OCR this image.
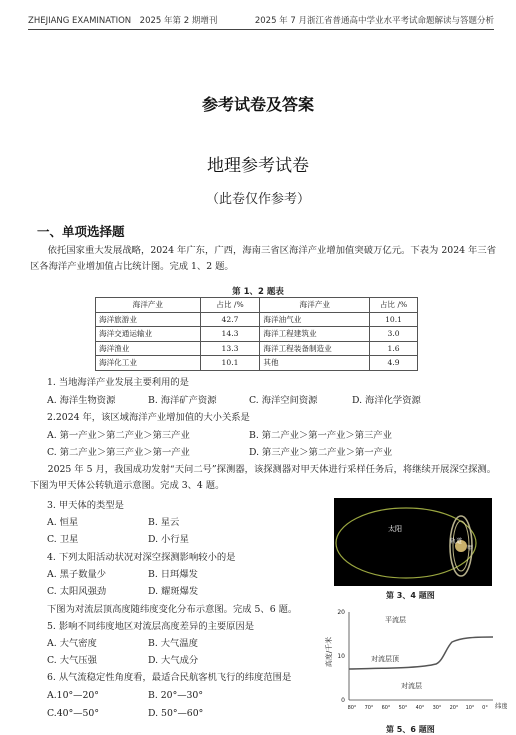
ZHEJIANG EXAMINATION　2025 年第 2 期增刊	2025 年 7 月浙江省普通高中学业水平考试命题解读与答题分析
参考试卷及答案
地理参考试卷
（此卷仅作参考）
一、单项选择题
依托国家重大发展战略，2024 年广东，广西，海南三省区海洋产业增加值突破万亿元。下表为 2024 年三省区各海洋产业增加值占比统计图。完成 1、2 题。
第 1、2 题表
海洋产业	占比 /%	海洋产业	占比 /%
海洋旅游业	42.7	海洋油气业	10.1
海洋交通运输业	14.3	海洋工程建筑业	3.0
海洋渔业	13.3	海洋工程装备制造业	1.6
海洋化工业	10.1	其他	4.9
1. 当地海洋产业发展主要利用的是
A. 海洋生物资源	B. 海洋矿产资源	C. 海洋空间资源	D. 海洋化学资源
2.2024 年，该区域海洋产业增加值的大小关系是
A. 第一产业＞第二产业＞第三产业	B. 第二产业＞第一产业＞第三产业
C. 第二产业＞第三产业＞第一产业	D. 第三产业＞第二产业＞第一产业
2025 年 5 月，我国成功发射“天问二号”探测器，该探测器对甲天体进行采样任务后，将继续开展深空探测。下图为甲天体公转轨道示意图。完成 3、4 题。
3. 甲天体的类型是
A. 恒星	B. 星云
C. 卫星	D. 小行星
4. 下列太阳活动状况对深空探测影响较小的是
A. 黑子数量少	B. 日珥爆发
C. 太阳风强劲	D. 耀斑爆发
下图为对流层顶高度随纬度变化分布示意图。完成 5、6 题。
5. 影响不同纬度地区对流层高度差异的主要原因是
A. 大气密度	B. 大气温度
C. 大气压强	D. 大气成分
6. 从气流稳定性角度看，最适合民航客机飞行的纬度范围是
A.10°—20°	B. 20°—30°
C.40°—50°	D. 50°—60°
太阳
轨道
甲
第 3、4 题图
高度/千米
20
10
0
80° 70° 60° 50° 40° 30° 20° 10° 0° 纬度
平流层
对流层顶
对流层
第 5、6 题图
